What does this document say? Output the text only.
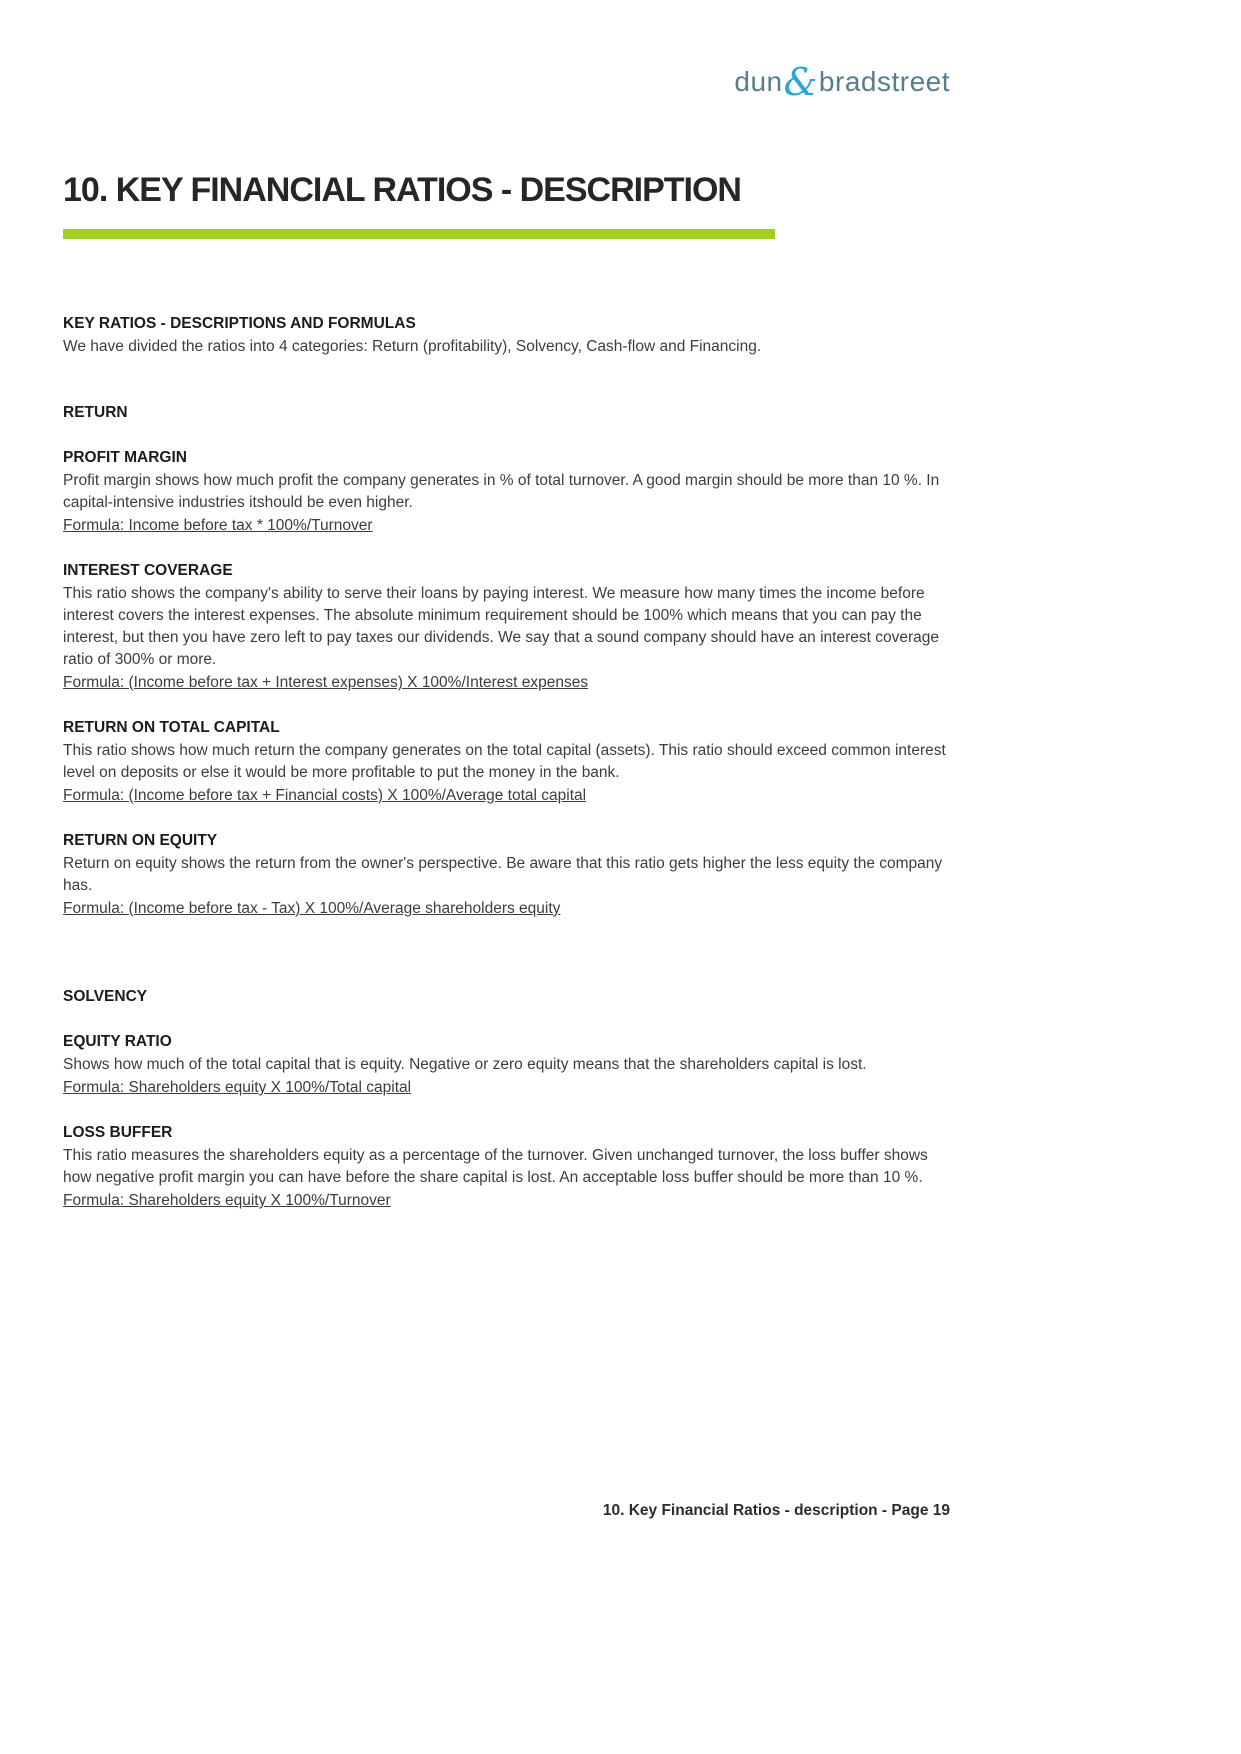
dun&bradstreet
10. KEY FINANCIAL RATIOS - DESCRIPTION
KEY RATIOS - DESCRIPTIONS AND FORMULAS

We have divided the ratios into 4 categories: Return (profitability), Solvency, Cash-flow and Financing.

RETURN
PROFIT MARGIN

Profit margin shows how much profit the company generates in % of total turnover. A good margin should be more than 10 %. In capital-intensive industries itshould be even higher.

Formula: Income before tax * 100%/Turnover

INTEREST COVERAGE

This ratio shows the company's ability to serve their loans by paying interest. We measure how many times the income before interest covers the interest expenses. The absolute minimum requirement should be 100% which means that you can pay the interest, but then you have zero left to pay taxes our dividends. We say that a sound company should have an interest coverage ratio of 300% or more.

Formula: (Income before tax + Interest expenses) X 100%/Interest expenses

RETURN ON TOTAL CAPITAL

This ratio shows how much return the company generates on the total capital (assets). This ratio should exceed common interest level on deposits or else it would be more profitable to put the money in the bank.

Formula: (Income before tax + Financial costs) X 100%/Average total capital

RETURN ON EQUITY

Return on equity shows the return from the owner's perspective. Be aware that this ratio gets higher the less equity the company has.

Formula: (Income before tax - Tax) X 100%/Average shareholders equity

SOLVENCY
EQUITY RATIO

Shows how much of the total capital that is equity. Negative or zero equity means that the shareholders capital is lost.

Formula: Shareholders equity X 100%/Total capital

LOSS BUFFER

This ratio measures the shareholders equity as a percentage of the turnover. Given unchanged turnover, the loss buffer shows how negative profit margin you can have before the share capital is lost. An acceptable loss buffer should be more than 10 %.

Formula: Shareholders equity X 100%/Turnover

10. Key Financial Ratios - description - Page 19
